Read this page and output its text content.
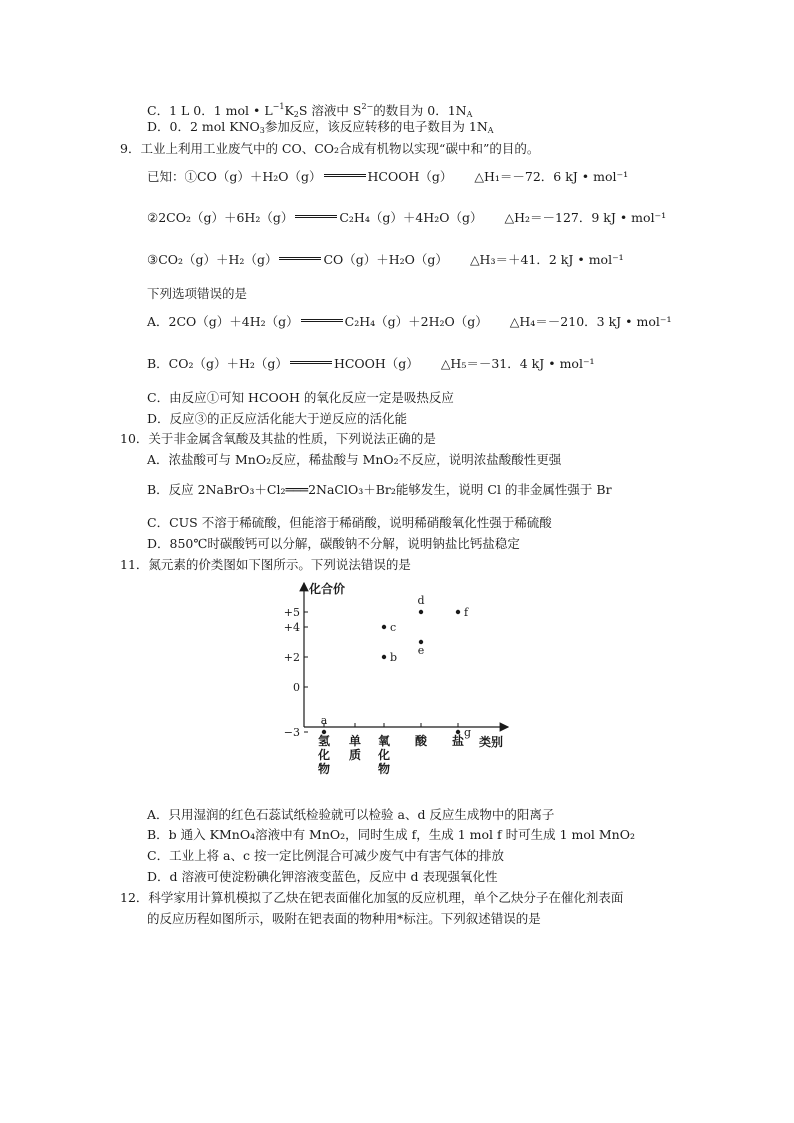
C．1 L 0．1 mol • $L^{-1}K_2S$ 溶液中 $S^{2-}$的数目为 0．$1N_A$
D．0．2 mol $KNO_3$参加反应，该反应转移的电子数目为 $1N_A$
9．工业上利用工业废气中的 CO、CO₂合成有机物以实现“碳中和”的目的。
已知：①CO（g）＋H₂O（g）	HCOOH（g） △H₁＝－72．6 kJ • mol⁻¹
②2CO₂（g）＋6H₂（g）	C₂H₄（g）＋4H₂O（g） △H₂＝－127．9 kJ • mol⁻¹
③CO₂（g）＋H₂（g）	CO（g）＋H₂O（g） △H₃＝＋41．2 kJ • mol⁻¹
下列选项错误的是
A．2CO（g）＋4H₂（g）	C₂H₄（g）＋2H₂O（g） △H₄＝－210．3 kJ • mol⁻¹
B．CO₂（g）＋H₂（g）	HCOOH（g） △H₅＝－31．4 kJ • mol⁻¹
C．由反应①可知 HCOOH 的氧化反应一定是吸热反应
D．反应③的正反应活化能大于逆反应的活化能
10．关于非金属含氧酸及其盐的性质，下列说法正确的是
A．浓盐酸可与 MnO₂反应，稀盐酸与 MnO₂不反应，说明浓盐酸酸性更强
B．反应 2NaBrO₃＋Cl₂═══2NaClO₃＋Br₂能够发生，说明 Cl 的非金属性强于 Br
C．CUS 不溶于稀硫酸，但能溶于稀硝酸，说明稀硝酸氧化性强于稀硫酸
D．850℃时碳酸钙可以分解，碳酸钠不分解，说明钠盐比钙盐稳定
11．氮元素的价类图如下图所示。下列说法错误的是
化合价
类别
+5
+4
+2
0
−3
氢
化
物
单
质
氧
化
物
酸 盐
a
b
c
d
e
f
g
A．只用湿润的红色石蕊试纸检验就可以检验 a、d 反应生成物中的阳离子
B．b 通入 KMnO₄溶液中有 MnO₂，同时生成 f，生成 1 mol f 时可生成 1 mol MnO₂
C．工业上将 a、c 按一定比例混合可减少废气中有害气体的排放
D．d 溶液可使淀粉碘化钾溶液变蓝色，反应中 d 表现强氧化性
12．科学家用计算机模拟了乙炔在钯表面催化加氢的反应机理，单个乙炔分子在催化剂表面
的反应历程如图所示，吸附在钯表面的物种用*标注。下列叙述错误的是
